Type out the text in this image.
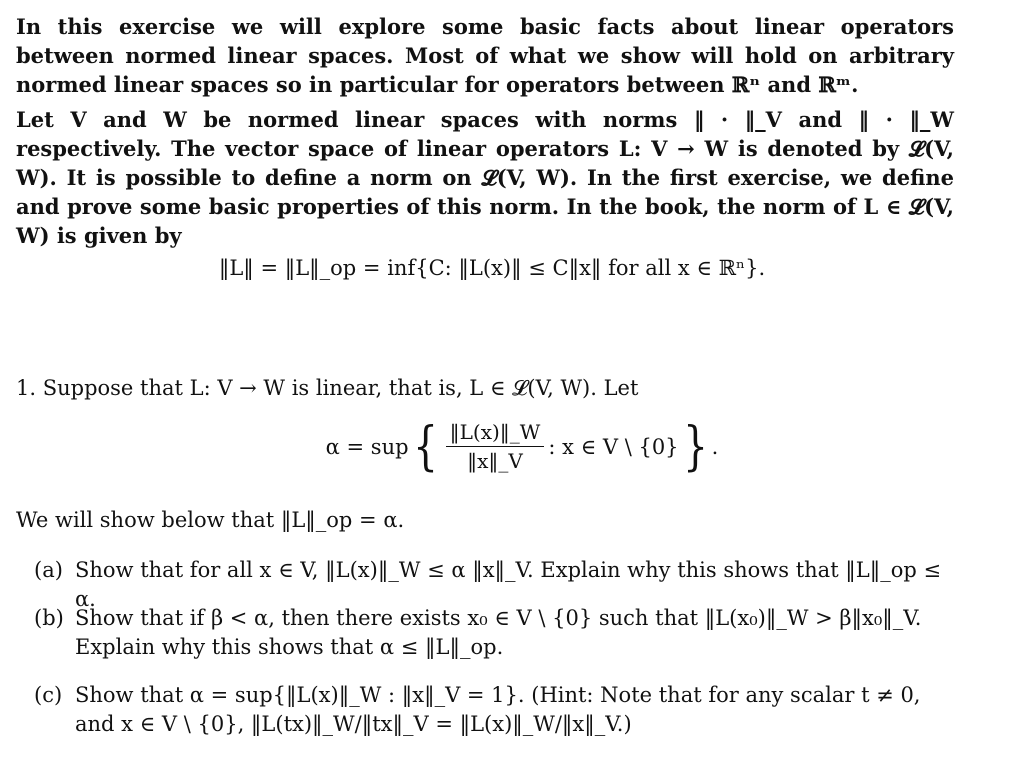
In this exercise we will explore some basic facts about linear operators between normed linear spaces. Most of what we show will hold on arbitrary normed linear spaces so in particular for operators between ℝⁿ and ℝᵐ.

Let V and W be normed linear spaces with norms ‖ · ‖_V and ‖ · ‖_W respectively. The vector space of linear operators L: V → W is denoted by 𝓛(V, W). It is possible to define a norm on 𝓛(V, W). In the first exercise, we define and prove some basic properties of this norm. In the book, the norm of L ∈ 𝓛(V, W) is given by

‖L‖ = ‖L‖_op = inf{C: ‖L(x)‖ ≤ C‖x‖ for all x ∈ ℝⁿ}.
1. Suppose that L: V → W is linear, that is, L ∈ 𝓛(V, W). Let
α = sup { $\frac{‖L(x)‖\_W}{‖x‖\_V}$ : x ∈ V \ {0} } .
We will show below that ‖L‖_op = α.
(a) Show that for all x ∈ V, ‖L(x)‖_W ≤ α ‖x‖_V. Explain why this shows that ‖L‖_op ≤ α.
(b) Show that if β < α, then there exists x₀ ∈ V \ {0} such that ‖L(x₀)‖_W > β‖x₀‖_V. Explain why this shows that α ≤ ‖L‖_op.
(c) Show that α = sup{‖L(x)‖_W : ‖x‖_V = 1}. (Hint: Note that for any scalar t ≠ 0, and x ∈ V \ {0}, ‖L(tx)‖_W/‖tx‖_V = ‖L(x)‖_W/‖x‖_V.)
